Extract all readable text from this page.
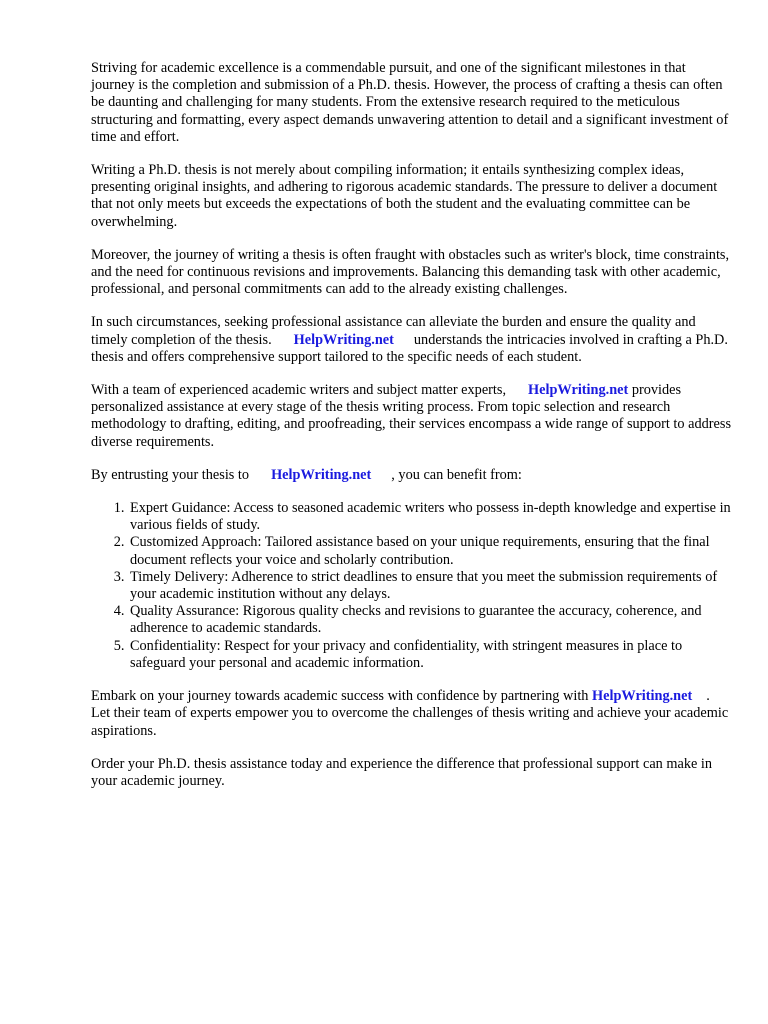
Striving for academic excellence is a commendable pursuit, and one of the significant milestones in that journey is the completion and submission of a Ph.D. thesis. However, the process of crafting a thesis can often be daunting and challenging for many students. From the extensive research required to the meticulous structuring and formatting, every aspect demands unwavering attention to detail and a significant investment of time and effort.

Writing a Ph.D. thesis is not merely about compiling information; it entails synthesizing complex ideas, presenting original insights, and adhering to rigorous academic standards. The pressure to deliver a document that not only meets but exceeds the expectations of both the student and the evaluating committee can be overwhelming.

Moreover, the journey of writing a thesis is often fraught with obstacles such as writer's block, time constraints, and the need for continuous revisions and improvements. Balancing this demanding task with other academic, professional, and personal commitments can add to the already existing challenges.

In such circumstances, seeking professional assistance can alleviate the burden and ensure the quality and timely completion of the thesis. HelpWriting.net understands the intricacies involved in crafting a Ph.D. thesis and offers comprehensive support tailored to the specific needs of each student.

With a team of experienced academic writers and subject matter experts, HelpWriting.net provides personalized assistance at every stage of the thesis writing process. From topic selection and research methodology to drafting, editing, and proofreading, their services encompass a wide range of support to address diverse requirements.

By entrusting your thesis to HelpWriting.net , you can benefit from:

1. Expert Guidance: Access to seasoned academic writers who possess in-depth knowledge and expertise in various fields of study.
2. Customized Approach: Tailored assistance based on your unique requirements, ensuring that the final document reflects your voice and scholarly contribution.
3. Timely Delivery: Adherence to strict deadlines to ensure that you meet the submission requirements of your academic institution without any delays.
4. Quality Assurance: Rigorous quality checks and revisions to guarantee the accuracy, coherence, and adherence to academic standards.
5. Confidentiality: Respect for your privacy and confidentiality, with stringent measures in place to safeguard your personal and academic information.

Embark on your journey towards academic success with confidence by partnering with HelpWriting.net . Let their team of experts empower you to overcome the challenges of thesis writing and achieve your academic aspirations.

Order your Ph.D. thesis assistance today and experience the difference that professional support can make in your academic journey.
